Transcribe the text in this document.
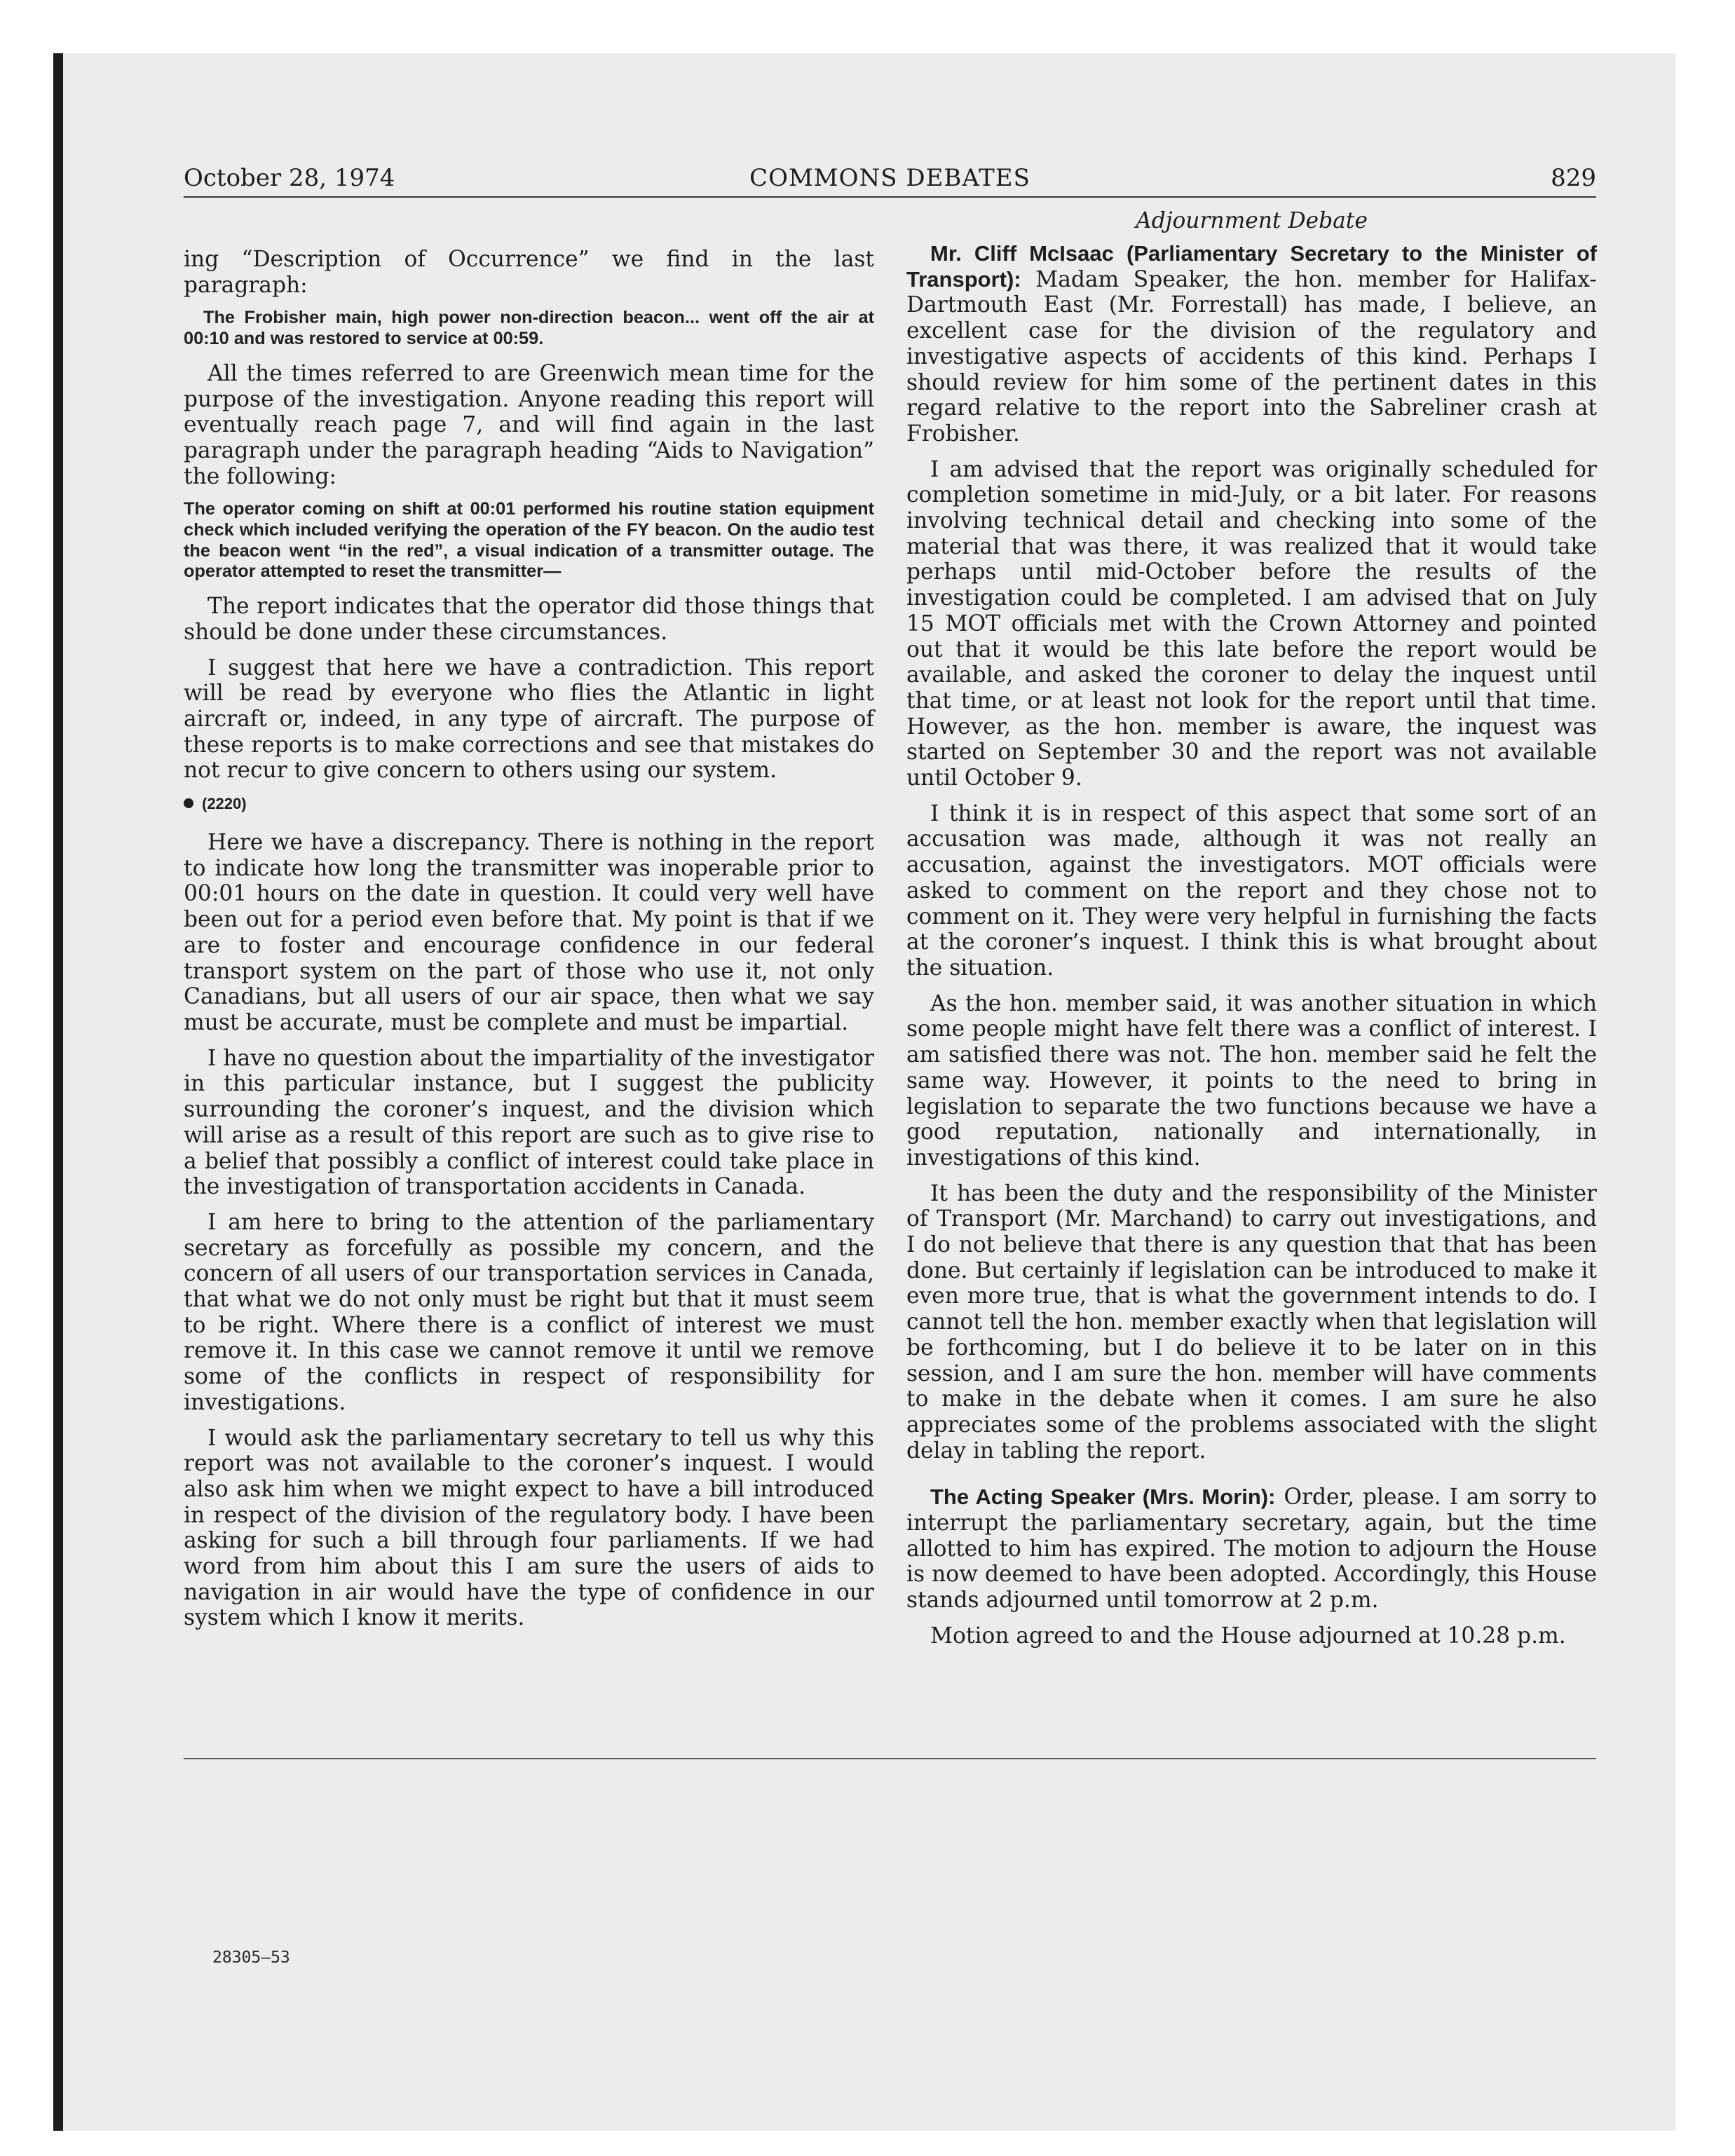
October 28, 1974	COMMONS DEBATES	829

ing “Description of Occurrence” we find in the last paragraph:

The Frobisher main, high power non-direction beacon... went off the air at 00:10 and was restored to service at 00:59.

All the times referred to are Greenwich mean time for the purpose of the investigation. Anyone reading this report will eventually reach page 7, and will find again in the last paragraph under the paragraph heading “Aids to Navigation” the following:

The operator coming on shift at 00:01 performed his routine station equipment check which included verifying the operation of the FY beacon. On the audio test the beacon went “in the red”, a visual indication of a transmitter outage. The operator attempted to reset the transmitter—

The report indicates that the operator did those things that should be done under these circumstances.

I suggest that here we have a contradiction. This report will be read by everyone who flies the Atlantic in light aircraft or, indeed, in any type of aircraft. The purpose of these reports is to make corrections and see that mistakes do not recur to give concern to others using our system.

(2220)

Here we have a discrepancy. There is nothing in the report to indicate how long the transmitter was inoperable prior to 00:01 hours on the date in question. It could very well have been out for a period even before that. My point is that if we are to foster and encourage confidence in our federal transport system on the part of those who use it, not only Canadians, but all users of our air space, then what we say must be accurate, must be complete and must be impartial.

I have no question about the impartiality of the investigator in this particular instance, but I suggest the publicity surrounding the coroner’s inquest, and the division which will arise as a result of this report are such as to give rise to a belief that possibly a conflict of interest could take place in the investigation of transportation accidents in Canada.

I am here to bring to the attention of the parliamentary secretary as forcefully as possible my concern, and the concern of all users of our transportation services in Canada, that what we do not only must be right but that it must seem to be right. Where there is a conflict of interest we must remove it. In this case we cannot remove it until we remove some of the conflicts in respect of responsibility for investigations.

I would ask the parliamentary secretary to tell us why this report was not available to the coroner’s inquest. I would also ask him when we might expect to have a bill introduced in respect of the division of the regulatory body. I have been asking for such a bill through four parliaments. If we had word from him about this I am sure the users of aids to navigation in air would have the type of confidence in our system which I know it merits.

Adjournment Debate

Mr. Cliff McIsaac (Parliamentary Secretary to the Minister of Transport): Madam Speaker, the hon. member for Halifax-Dartmouth East (Mr. Forrestall) has made, I believe, an excellent case for the division of the regulatory and investigative aspects of accidents of this kind. Perhaps I should review for him some of the pertinent dates in this regard relative to the report into the Sabreliner crash at Frobisher.

I am advised that the report was originally scheduled for completion sometime in mid-July, or a bit later. For reasons involving technical detail and checking into some of the material that was there, it was realized that it would take perhaps until mid-October before the results of the investigation could be completed. I am advised that on July 15 MOT officials met with the Crown Attorney and pointed out that it would be this late before the report would be available, and asked the coroner to delay the inquest until that time, or at least not look for the report until that time. However, as the hon. member is aware, the inquest was started on September 30 and the report was not available until October 9.

I think it is in respect of this aspect that some sort of an accusation was made, although it was not really an accusation, against the investigators. MOT officials were asked to comment on the report and they chose not to comment on it. They were very helpful in furnishing the facts at the coroner’s inquest. I think this is what brought about the situation.

As the hon. member said, it was another situation in which some people might have felt there was a conflict of interest. I am satisfied there was not. The hon. member said he felt the same way. However, it points to the need to bring in legislation to separate the two functions because we have a good reputation, nationally and internationally, in investigations of this kind.

It has been the duty and the responsibility of the Minister of Transport (Mr. Marchand) to carry out investigations, and I do not believe that there is any question that that has been done. But certainly if legislation can be introduced to make it even more true, that is what the government intends to do. I cannot tell the hon. member exactly when that legislation will be forthcoming, but I do believe it to be later on in this session, and I am sure the hon. member will have comments to make in the debate when it comes. I am sure he also appreciates some of the problems associated with the slight delay in tabling the report.

The Acting Speaker (Mrs. Morin): Order, please. I am sorry to interrupt the parliamentary secretary, again, but the time allotted to him has expired. The motion to adjourn the House is now deemed to have been adopted. Accordingly, this House stands adjourned until tomorrow at 2 p.m.

Motion agreed to and the House adjourned at 10.28 p.m.

28305—53
